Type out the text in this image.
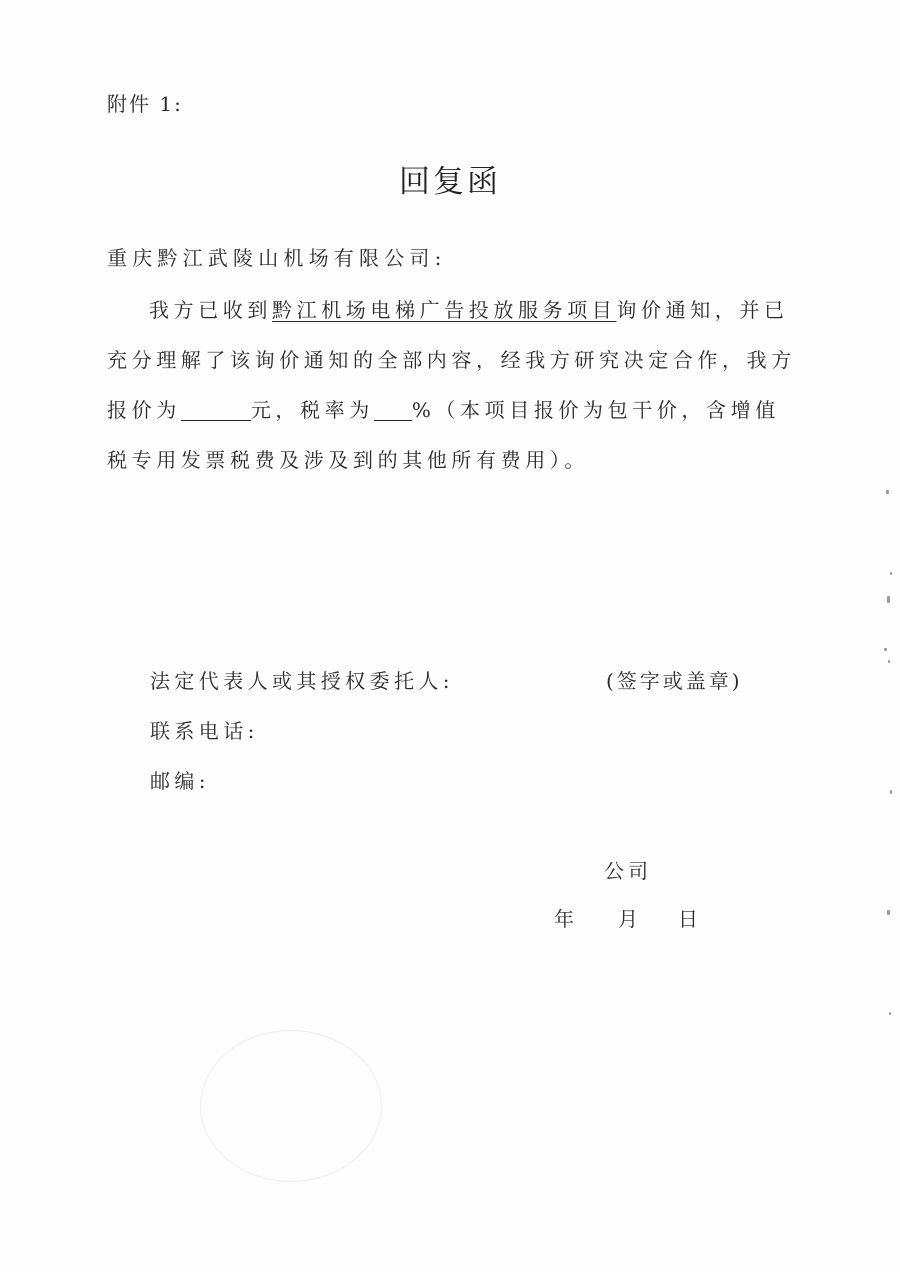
附件 1:
回复函
重庆黔江武陵山机场有限公司:
我方已收到黔江机场电梯广告投放服务项目询价通知，并已充分理解了该询价通知的全部内容，经我方研究决定合作，我方报价为	元，税率为 %（本项目报价为包干价，含增值税专用发票税费及涉及到的其他所有费用）。
法定代表人或其授权委托人:	(签字或盖章)
联系电话:
邮编:
公司
年	月	日
